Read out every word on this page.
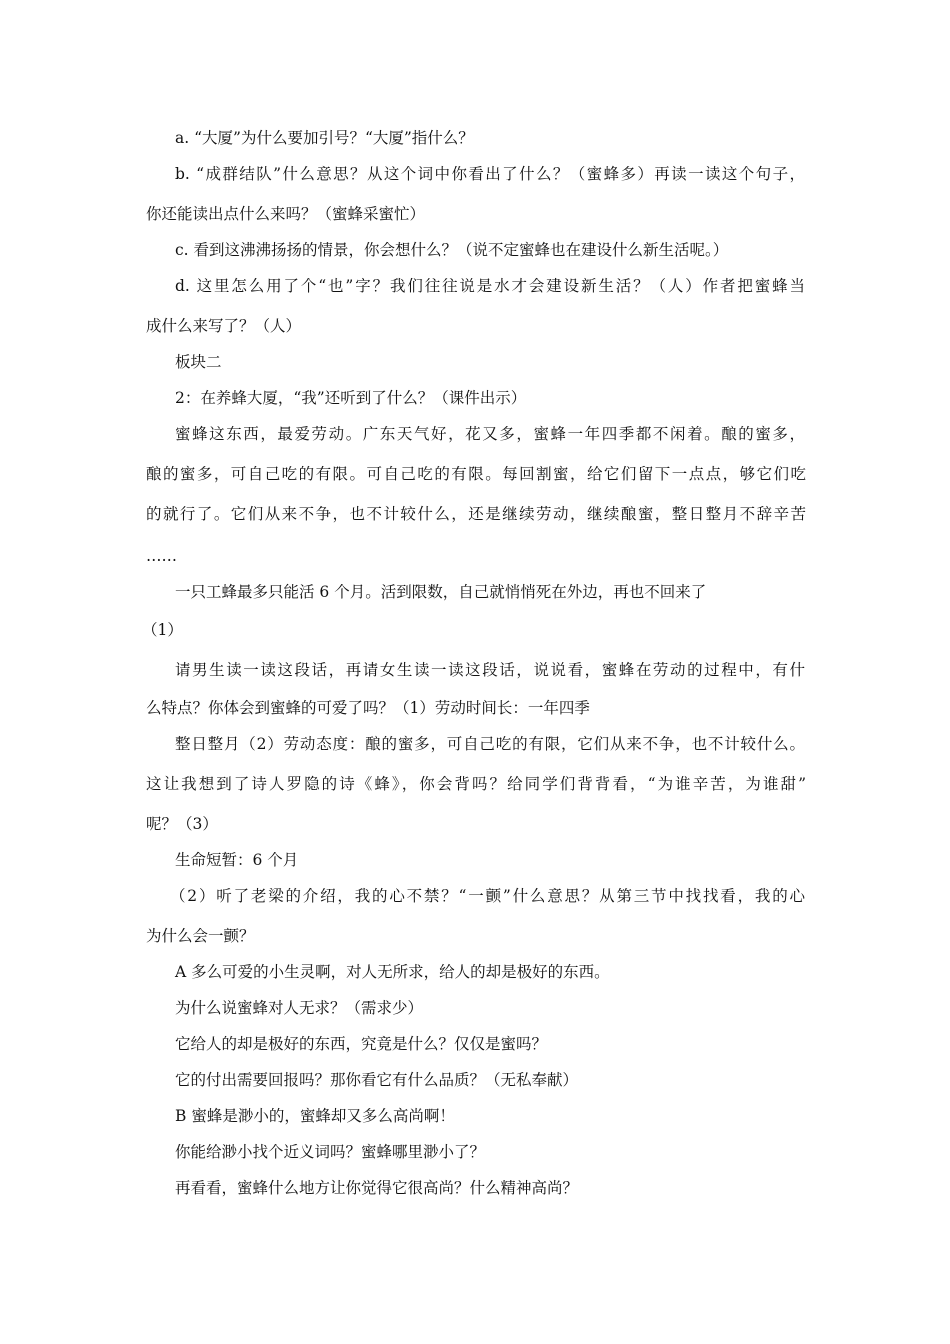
a. “大厦”为什么要加引号？“大厦”指什么？
b. “成群结队”什么意思？从这个词中你看出了什么？（蜜蜂多）再读一读这个句子，
你还能读出点什么来吗？（蜜蜂采蜜忙）
c. 看到这沸沸扬扬的情景，你会想什么？（说不定蜜蜂也在建设什么新生活呢。）
d. 这里怎么用了个“也”字？我们往往说是水才会建设新生活？（人）作者把蜜蜂当
成什么来写了？（人）
板块二
2：在养蜂大厦，“我”还听到了什么？（课件出示）
蜜蜂这东西，最爱劳动。广东天气好，花又多，蜜蜂一年四季都不闲着。酿的蜜多，
酿的蜜多，可自己吃的有限。可自己吃的有限。每回割蜜，给它们留下一点点，够它们吃
的就行了。它们从来不争，也不计较什么，还是继续劳动，继续酿蜜，整日整月不辞辛苦
……
一只工蜂最多只能活 6 个月。活到限数，自己就悄悄死在外边，再也不回来了
（1）
请男生读一读这段话，再请女生读一读这段话，说说看，蜜蜂在劳动的过程中，有什
么特点？你体会到蜜蜂的可爱了吗？（1）劳动时间长：一年四季
整日整月（2）劳动态度：酿的蜜多，可自己吃的有限，它们从来不争，也不计较什么。
这让我想到了诗人罗隐的诗《蜂》，你会背吗？给同学们背背看，“为谁辛苦，为谁甜”
呢？（3）
生命短暂：6 个月
（2）听了老梁的介绍，我的心不禁？“一颤”什么意思？从第三节中找找看，我的心
为什么会一颤？
A 多么可爱的小生灵啊，对人无所求，给人的却是极好的东西。
为什么说蜜蜂对人无求？（需求少）
它给人的却是极好的东西，究竟是什么？仅仅是蜜吗？
它的付出需要回报吗？那你看它有什么品质？（无私奉献）
B 蜜蜂是渺小的，蜜蜂却又多么高尚啊！
你能给渺小找个近义词吗？蜜蜂哪里渺小了？
再看看，蜜蜂什么地方让你觉得它很高尚？什么精神高尚？
